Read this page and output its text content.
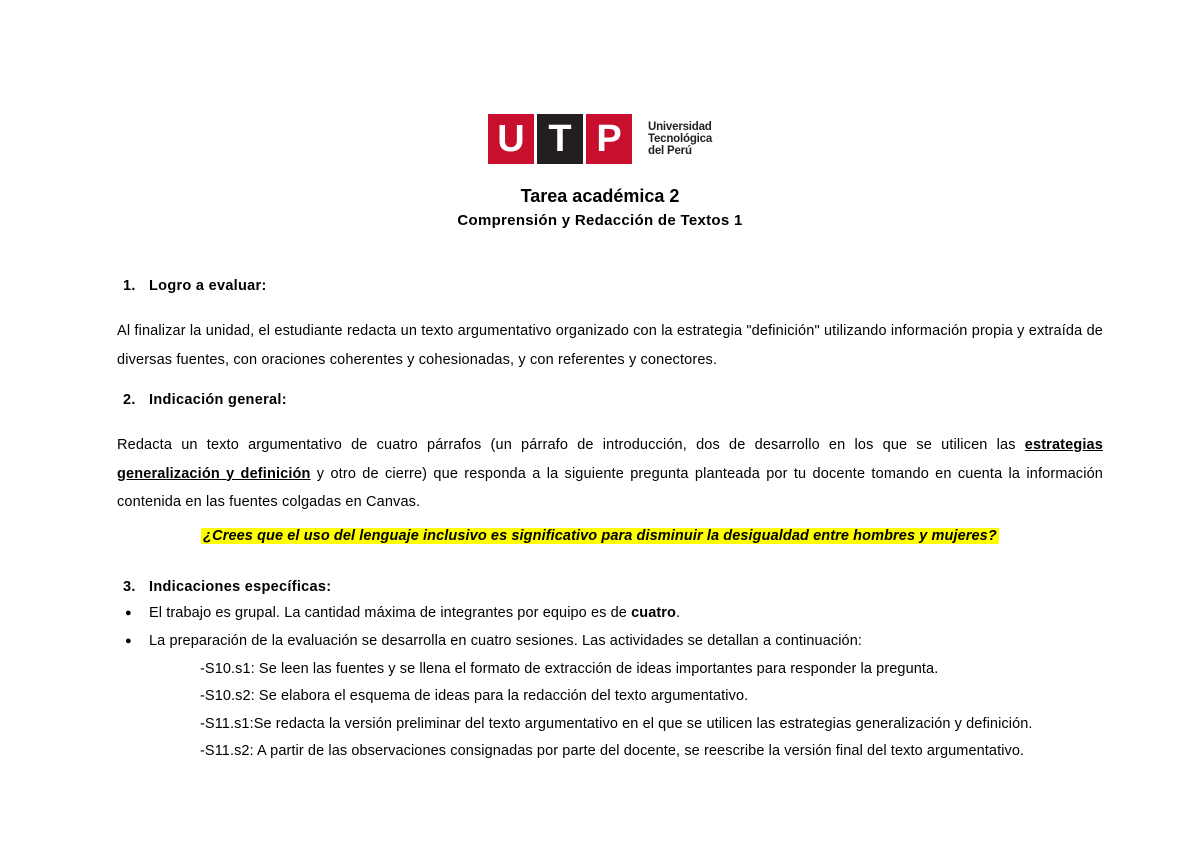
U T P	Universidad
Tecnológica
del Perú
Tarea académica 2
Comprensión y Redacción de Textos 1
1. Logro a evaluar:
Al finalizar la unidad, el estudiante redacta un texto argumentativo organizado con la estrategia "definición" utilizando información propia y extraída de diversas fuentes, con oraciones coherentes y cohesionadas, y con referentes y conectores.
2. Indicación general:
Redacta un texto argumentativo de cuatro párrafos (un párrafo de introducción, dos de desarrollo en los que se utilicen las estrategias generalización y definición y otro de cierre) que responda a la siguiente pregunta planteada por tu docente tomando en cuenta la información contenida en las fuentes colgadas en Canvas.
¿Crees que el uso del lenguaje inclusivo es significativo para disminuir la desigualdad entre hombres y mujeres?
3. Indicaciones específicas:
● El trabajo es grupal. La cantidad máxima de integrantes por equipo es de cuatro.
● La preparación de la evaluación se desarrolla en cuatro sesiones. Las actividades se detallan a continuación:
-S10.s1: Se leen las fuentes y se llena el formato de extracción de ideas importantes para responder la pregunta.
-S10.s2: Se elabora el esquema de ideas para la redacción del texto argumentativo.
-S11.s1:Se redacta la versión preliminar del texto argumentativo en el que se utilicen las estrategias generalización y definición.
-S11.s2: A partir de las observaciones consignadas por parte del docente, se reescribe la versión final del texto argumentativo.
